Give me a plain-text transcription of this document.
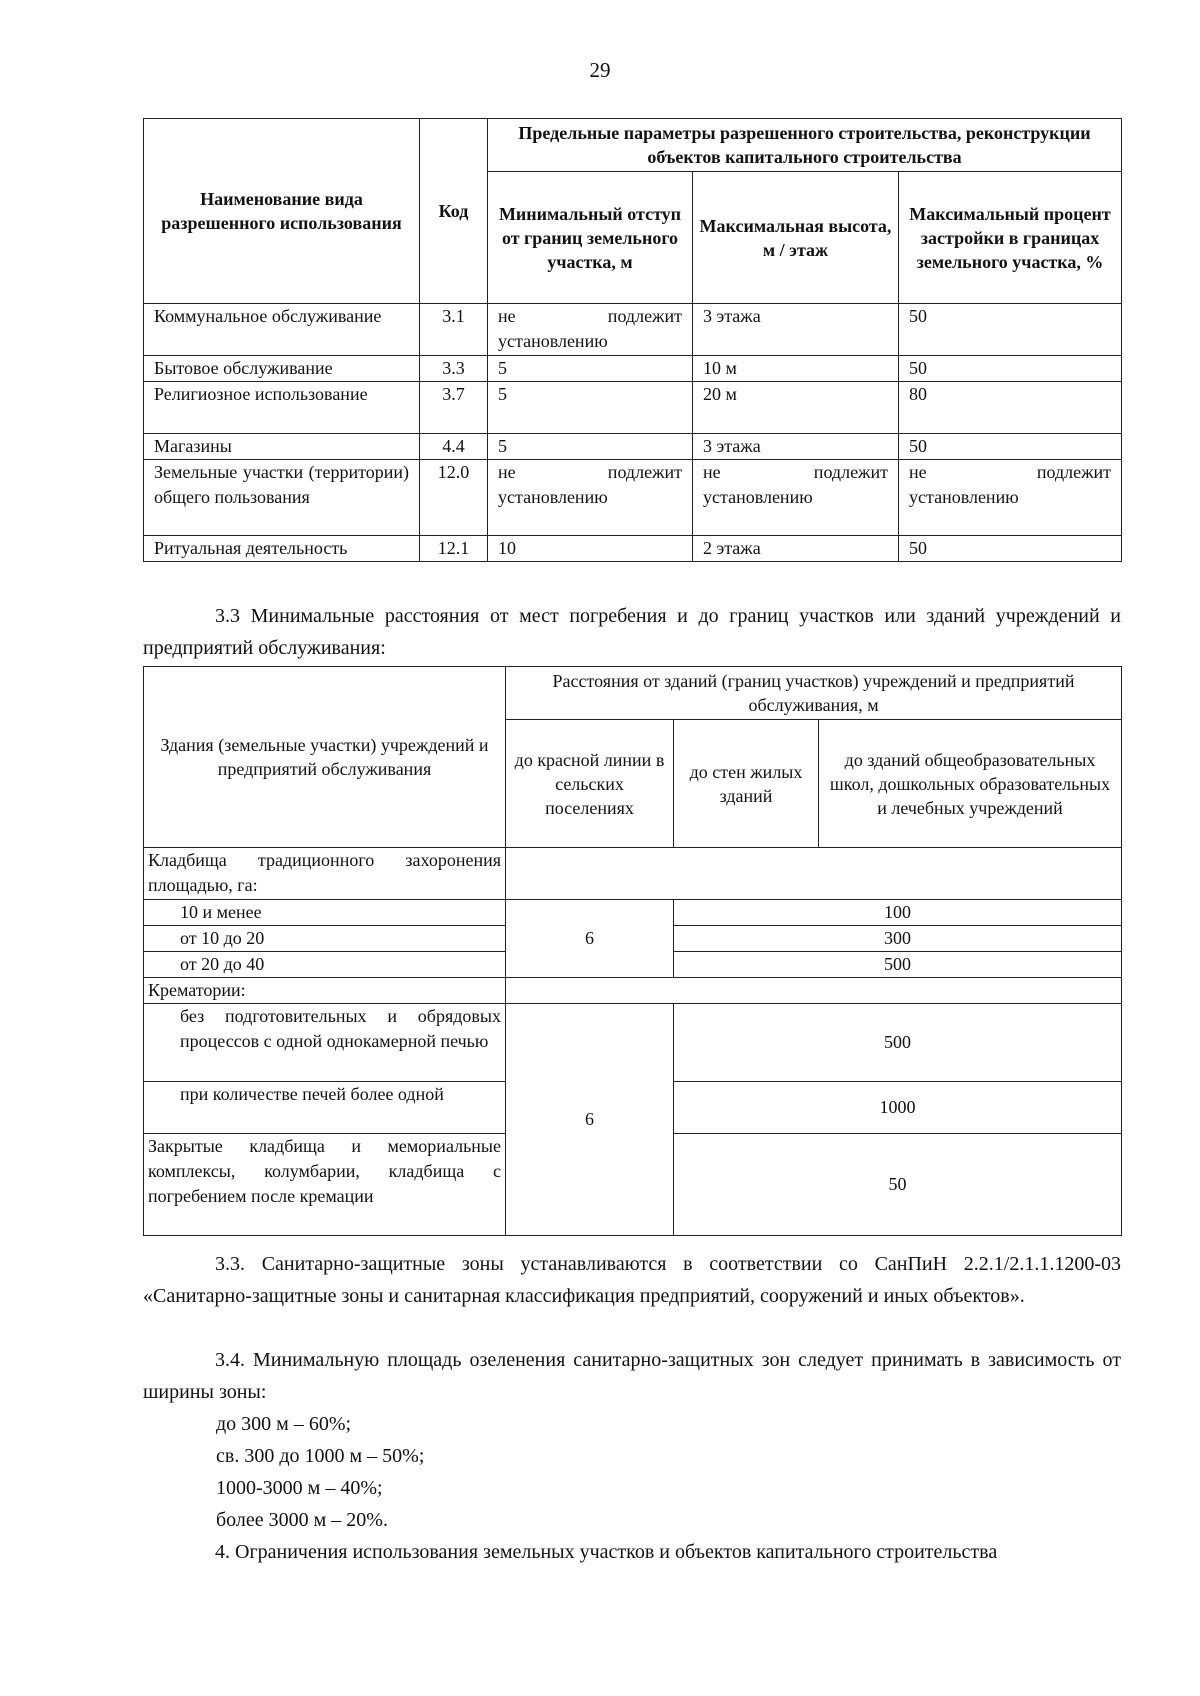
29
Наименование вида разрешенного использования	Код	Предельные параметры разрешенного строительства, реконструкции объектов капитального строительства		
		Минимальный отступ от границ земельного участка, м	Максимальная высота, м / этаж	Максимальный процент застройки в границах земельного участка, %
Коммунальное обслуживание	3.1	не подлежит установлению	3 этажа	50
Бытовое обслуживание	3.3	5	10 м	50
Религиозное использование	3.7	5	20 м	80
Магазины	4.4	5	3 этажа	50
Земельные участки (территории) общего пользования	12.0	не подлежит установлению	не подлежит установлению	не подлежит установлению
Ритуальная деятельность	12.1	10	2 этажа	50
3.3 Минимальные расстояния от мест погребения и до границ участков или зданий учреждений и предприятий обслуживания:
Здания (земельные участки) учреждений и предприятий обслуживания	Расстояния от зданий (границ участков) учреждений и предприятий обслуживания, м		
	до красной линии в сельских поселениях	до стен жилых зданий	до зданий общеобразовательных школ, дошкольных образовательных и лечебных учреждений
Кладбища традиционного захоронения площадью, га:			
10 и менее	6	100	
от 10 до 20		300	
от 20 до 40		500	
Крематории:			
без подготовительных и обрядовых процессов с одной однокамерной печью	6	500	
при количестве печей более одной		1000	
Закрытые кладбища и мемориальные комплексы, колумбарии, кладбища с погребением после кремации		50	
3.3. Санитарно-защитные зоны устанавливаются в соответствии со СанПиН 2.2.1/2.1.1.1200-03 «Санитарно-защитные зоны и санитарная классификация предприятий, сооружений и иных объектов».
3.4. Минимальную площадь озеленения санитарно-защитных зон следует принимать в зависимость от ширины зоны:
до 300 м – 60%;
св. 300 до 1000 м – 50%;
1000-3000 м – 40%;
более 3000 м – 20%.
4. Ограничения использования земельных участков и объектов капитального строительства
